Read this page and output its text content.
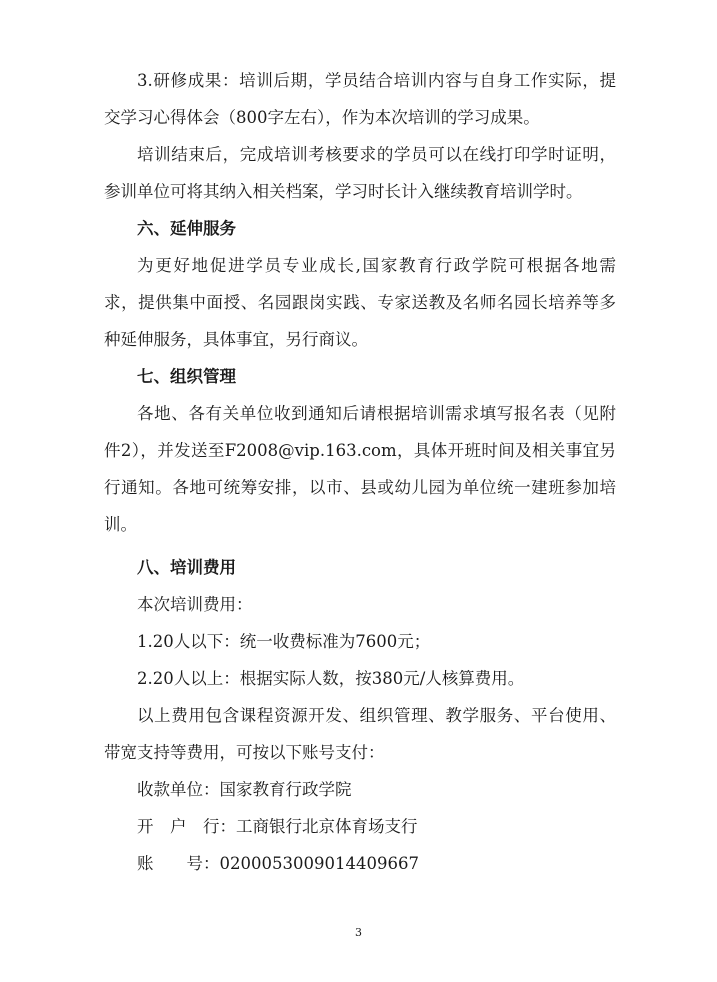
3.研修成果：培训后期，学员结合培训内容与自身工作实际，提
交学习心得体会（800字左右），作为本次培训的学习成果。
培训结束后，完成培训考核要求的学员可以在线打印学时证明，
参训单位可将其纳入相关档案，学习时长计入继续教育培训学时。
六、延伸服务
为更好地促进学员专业成长,国家教育行政学院可根据各地需
求，提供集中面授、名园跟岗实践、专家送教及名师名园长培养等多
种延伸服务，具体事宜，另行商议。
七、组织管理
各地、各有关单位收到通知后请根据培训需求填写报名表（见附
件2），并发送至F2008@vip.163.com，具体开班时间及相关事宜另
行通知。各地可统筹安排，以市、县或幼儿园为单位统一建班参加培
训。
八、培训费用
本次培训费用：
1.20人以下：统一收费标准为7600元；
2.20人以上：根据实际人数，按380元/人核算费用。
以上费用包含课程资源开发、组织管理、教学服务、平台使用、
带宽支持等费用，可按以下账号支付：
收款单位：国家教育行政学院
开　户　行：工商银行北京体育场支行
账　　号：0200053009014409667
3
